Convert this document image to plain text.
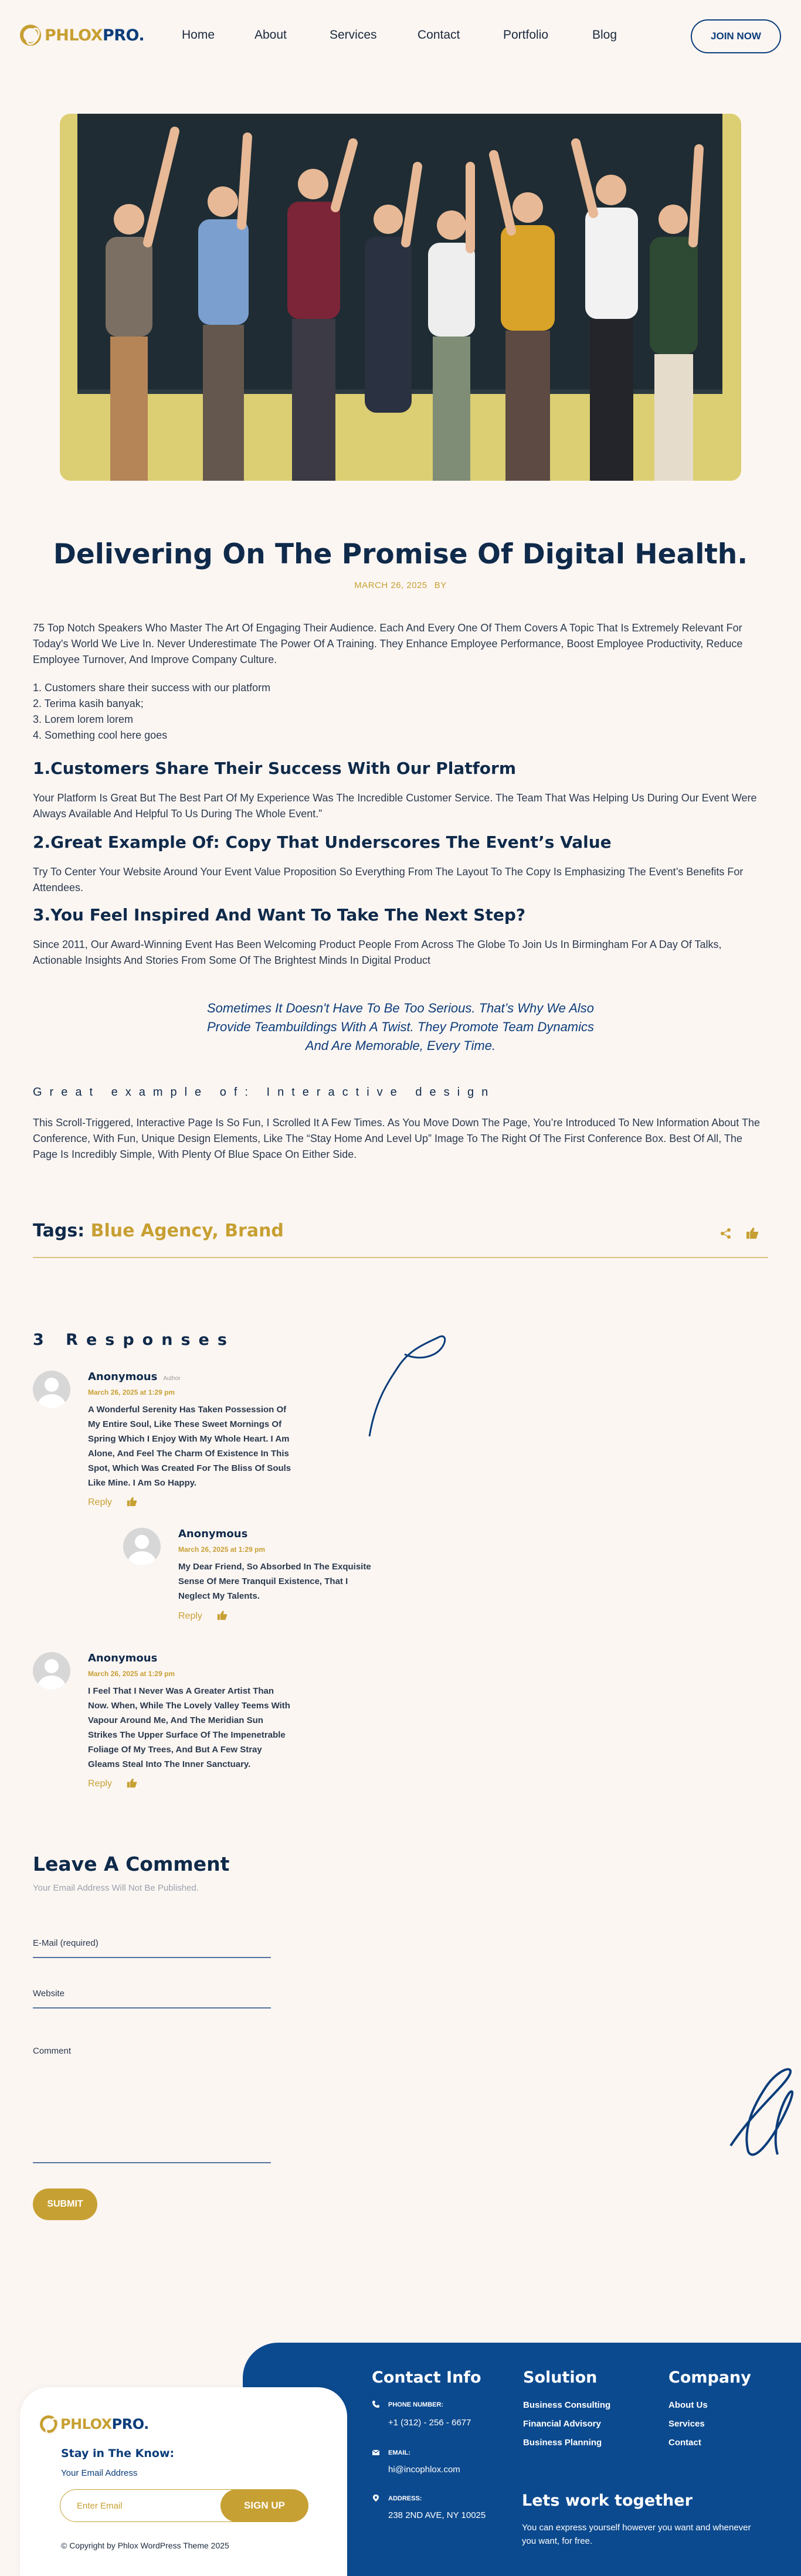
PHLOXPRO.	Home	About	Services	Contact	Portfolio	Blog	JOIN NOW
Delivering On The Promise Of Digital Health.
MARCH 26, 2025 BY
75 Top Notch Speakers Who Master The Art Of Engaging Their Audience. Each And Every One Of Them Covers A Topic That Is Extremely Relevant For Today's World We Live In. Never Underestimate The Power Of A Training. They Enhance Employee Performance, Boost Employee Productivity, Reduce Employee Turnover, And Improve Company Culture.
1. Customers share their success with our platform
2. Terima kasih banyak;
3. Lorem lorem lorem
4. Something cool here goes
1.Customers Share Their Success With Our Platform
Your Platform Is Great But The Best Part Of My Experience Was The Incredible Customer Service. The Team That Was Helping Us During Our Event Were Always Available And Helpful To Us During The Whole Event.”
2.Great Example Of: Copy That Underscores The Event’s Value
Try To Center Your Website Around Your Event Value Proposition So Everything From The Layout To The Copy Is Emphasizing The Event’s Benefits For Attendees.
3.You Feel Inspired And Want To Take The Next Step?
Since 2011, Our Award-Winning Event Has Been Welcoming Product People From Across The Globe To Join Us In Birmingham For A Day Of Talks, Actionable Insights And Stories From Some Of The Brightest Minds In Digital Product
Sometimes It Doesn't Have To Be Too Serious. That’s Why We Also
Provide Teambuildings With A Twist. They Promote Team Dynamics
And Are Memorable, Every Time.
Great example of: Interactive design
This Scroll-Triggered, Interactive Page Is So Fun, I Scrolled It A Few Times. As You Move Down The Page, You’re Introduced To New Information About The Conference, With Fun, Unique Design Elements, Like The “Stay Home And Level Up” Image To The Right Of The First Conference Box. Best Of All, The Page Is Incredibly Simple, With Plenty Of Blue Space On Either Side.
Tags: Blue Agency, Brand
3 Responses
Anonymous Author
March 26, 2025 at 1:29 pm
A Wonderful Serenity Has Taken Possession Of
My Entire Soul, Like These Sweet Mornings Of
Spring Which I Enjoy With My Whole Heart. I Am
Alone, And Feel The Charm Of Existence In This
Spot, Which Was Created For The Bliss Of Souls
Like Mine. I Am So Happy.
Reply
Anonymous
March 26, 2025 at 1:29 pm
My Dear Friend, So Absorbed In The Exquisite
Sense Of Mere Tranquil Existence, That I
Neglect My Talents.
Reply
Anonymous
March 26, 2025 at 1:29 pm
I Feel That I Never Was A Greater Artist Than
Now. When, While The Lovely Valley Teems With
Vapour Around Me, And The Meridian Sun
Strikes The Upper Surface Of The Impenetrable
Foliage Of My Trees, And But A Few Stray
Gleams Steal Into The Inner Sanctuary.
Reply
Leave A Comment
Your Email Address Will Not Be Published.
E-Mail (required)
Website
Comment
SUBMIT
PHLOXPRO.
Stay in The Know:
Your Email Address
Enter Email	SIGN UP
© Copyright by Phlox WordPress Theme 2025
Contact Info
PHONE NUMBER:
+1 (312) - 256 - 6677
EMAIL:
hi@incophlox.com
ADDRESS:
238 2ND AVE, NY 10025
Solution
Business Consulting
Financial Advisory
Business Planning
Company
About Us
Services
Contact
Lets work together
You can express yourself however you want and whenever you want, for free.
